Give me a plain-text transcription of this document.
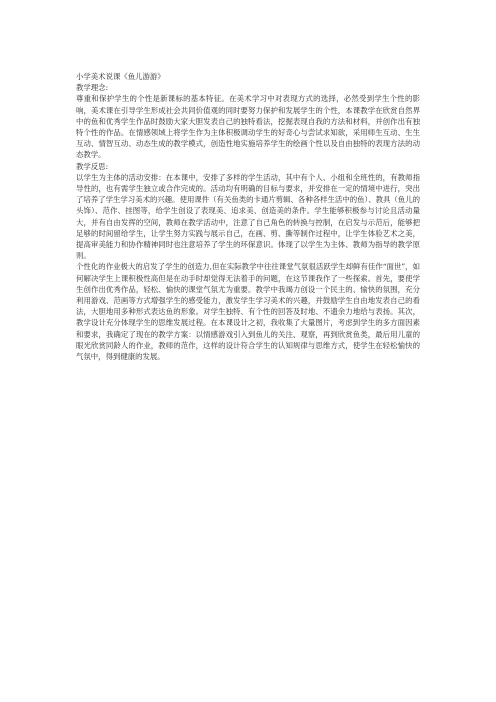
小学美术说课《鱼儿游游》

教学理念:

尊重和保护学生的个性是新课标的基本特征。在美术学习中对表现方式的选择，必然受到学生个性的影响，美术课在引导学生形成社会共同价值观的同时要努力保护和发展学生的个性，本课教学在欣赏自然界中的鱼和优秀学生作品时鼓励大家大胆发表自己的独特看法，挖掘表现自我的方法和材料，并创作出有独特个性的作品。在情感领域上将学生作为主体积极调动学生的好奇心与尝试求知欲，采用师生互动、生生互动、情智互动、动态生成的教学模式，创造性地实施培养学生的绘画个性以及自由独特的表现方法的动态教学。

教学反思:

以学生为主体的活动安排：在本课中，安排了多样的学生活动，其中有个人、小组和全班性的，有教师指导性的，也有需学生独立或合作完成的。活动均有明确的目标与要求，并安排在一定的情境中进行，突出了培养了学生学习美术的兴趣。使用课件（有关鱼类的卡通片剪辑、各种各样生活中的鱼）、教具（鱼儿的头饰）、范作、挂图等，给学生创设了表现美、追求美、创造美的条件。学生能够积极参与讨论且活动量大，并有自由发挥的空间，教师在教学活动中，注意了自己角色的转换与控制，在启发与示范后，能够把足够的时间留给学生，让学生努力实践与展示自己，在画、剪、撕等制作过程中，让学生体验艺术之美，提高审美能力和协作精神同时也注意培养了学生的环保意识。体现了以学生为主体、教师为指导的教学原则。

个性化的作业极大的启发了学生的创造力,但在实际教学中往往课堂气氛很活跃学生却鲜有佳作“面世”，如何解决学生上课积极性高但是在动手时却觉得无法着手的问题，在这节课我作了一些探索。首先，要使学生创作出优秀作品，轻松、愉快的课堂气氛尤为重要。教学中我竭力创设一个民主的、愉快的氛围，充分利用游戏、范画等方式增强学生的感受能力，激发学生学习美术的兴趣，并鼓励学生自由地发表自己的看法，大胆地用多种形式表达鱼的形象。对学生独特、有个性的回答及时地、不遗余力地给与表扬。其次，教学设计充分体现学生的思维发展过程。在本课设计之初，我收集了大量图片，考虑到学生的多方面因素和要求，我确定了现在的教学方案：以情感游戏引入到鱼儿的关注、观察，再到欣赏鱼类，最后用儿童的眼光欣赏同龄人的作业，教师的范作，这样的设计符合学生的认知规律与思维方式，使学生在轻松愉快的气氛中，得到健康的发展。
